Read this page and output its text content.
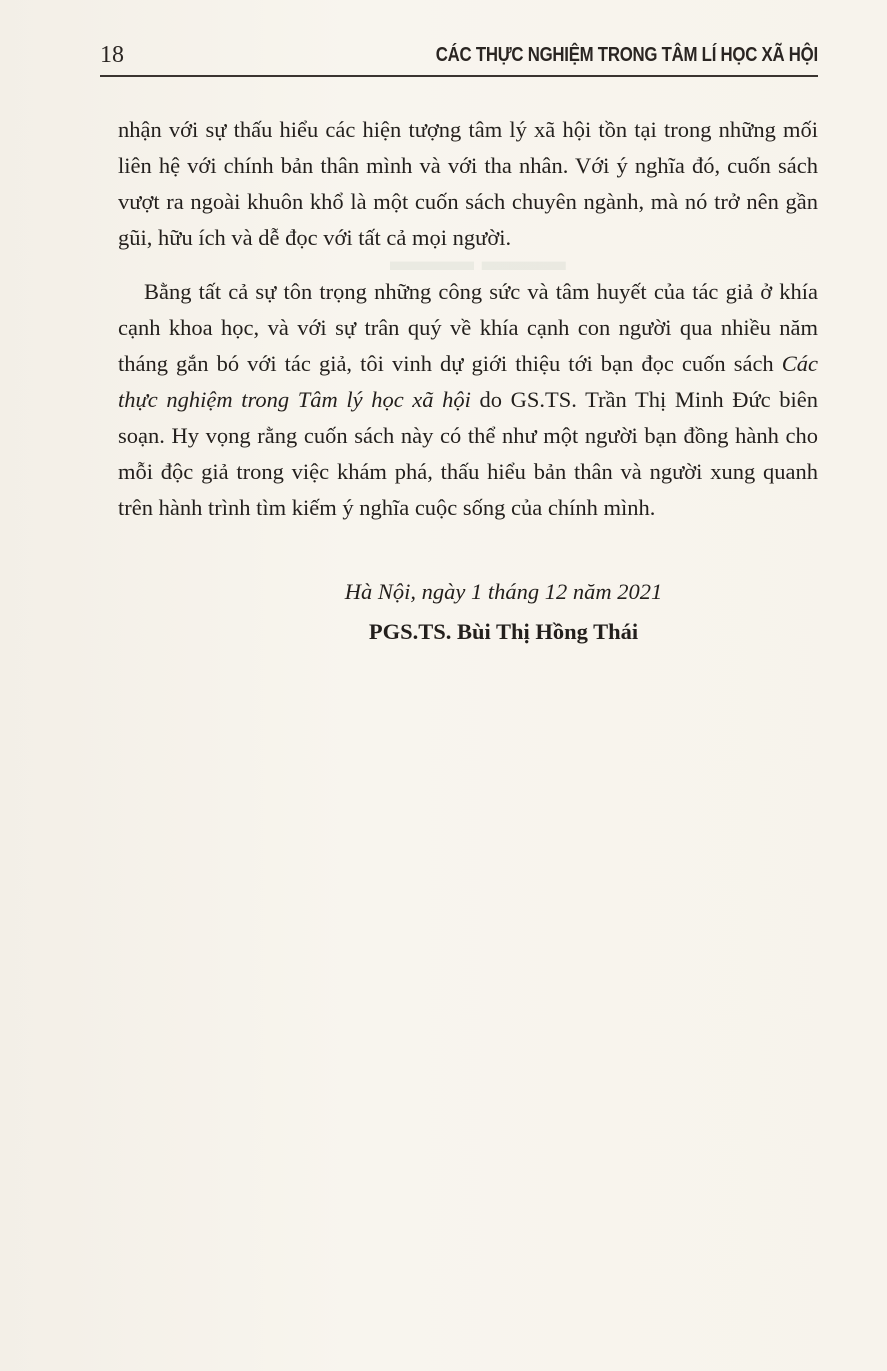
▬▬▬ ▬▬▬
18	CÁC THỰC NGHIỆM TRONG TÂM LÍ HỌC XÃ HỘI

nhận với sự thấu hiểu các hiện tượng tâm lý xã hội tồn tại trong những mối liên hệ với chính bản thân mình và với tha nhân. Với ý nghĩa đó, cuốn sách vượt ra ngoài khuôn khổ là một cuốn sách chuyên ngành, mà nó trở nên gần gũi, hữu ích và dễ đọc với tất cả mọi người.

Bằng tất cả sự tôn trọng những công sức và tâm huyết của tác giả ở khía cạnh khoa học, và với sự trân quý về khía cạnh con người qua nhiều năm tháng gắn bó với tác giả, tôi vinh dự giới thiệu tới bạn đọc cuốn sách Các thực nghiệm trong Tâm lý học xã hội do GS.TS. Trần Thị Minh Đức biên soạn. Hy vọng rằng cuốn sách này có thể như một người bạn đồng hành cho mỗi độc giả trong việc khám phá, thấu hiểu bản thân và người xung quanh trên hành trình tìm kiếm ý nghĩa cuộc sống của chính mình.

Hà Nội, ngày 1 tháng 12 năm 2021
PGS.TS. Bùi Thị Hồng Thái
